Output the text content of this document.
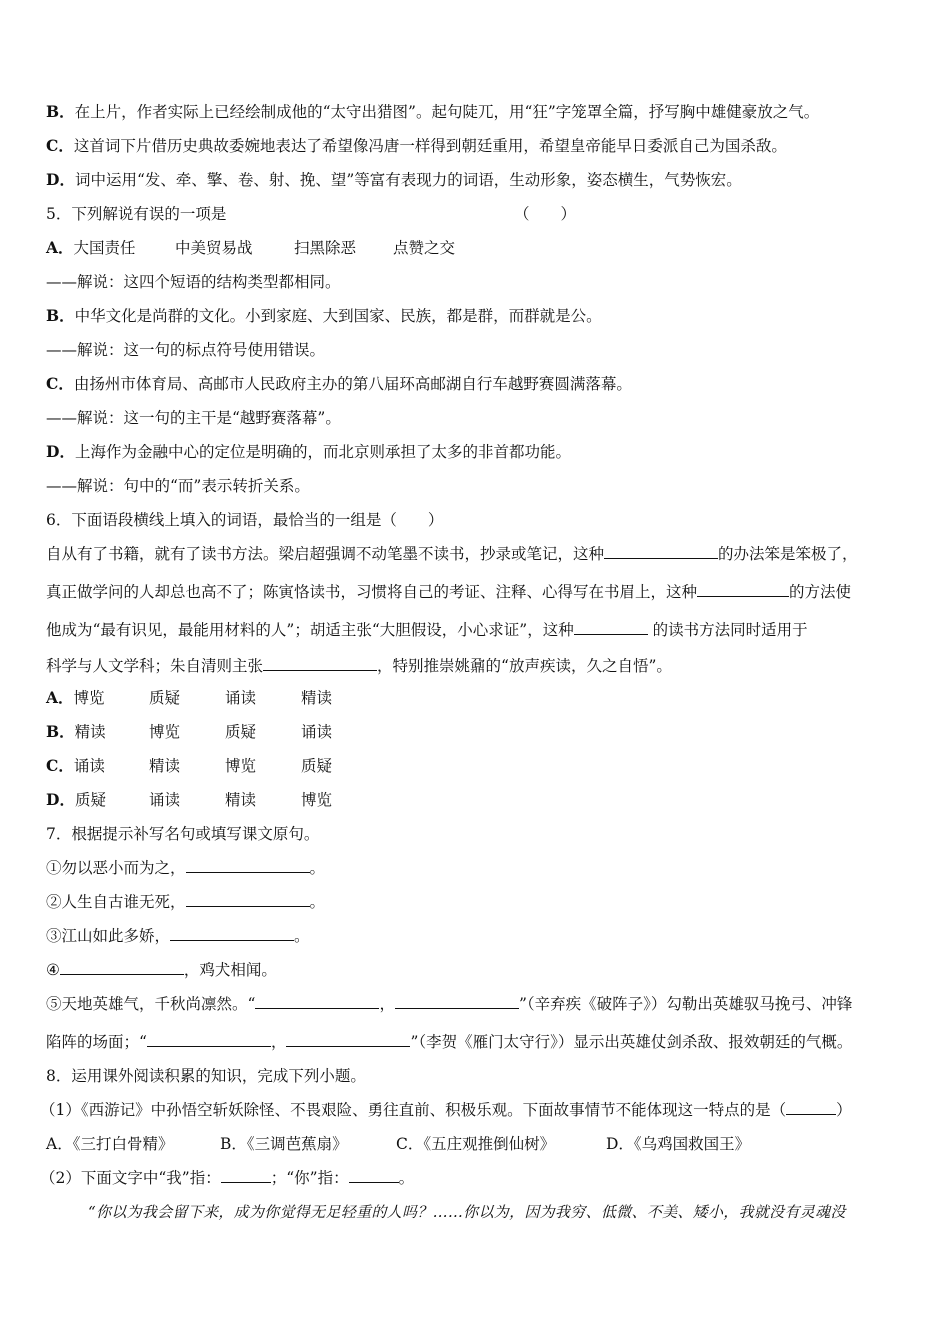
B．在上片，作者实际上已经绘制成他的“太守出猎图”。起句陡兀，用“狂”字笼罩全篇，抒写胸中雄健豪放之气。
C．这首词下片借历史典故委婉地表达了希望像冯唐一样得到朝廷重用，希望皇帝能早日委派自己为国杀敌。
D．词中运用“发、牵、擎、卷、射、挽、望”等富有表现力的词语，生动形象，姿态横生，气势恢宏。
5．下列解说有误的一项是	（　　）
A．大国责任	中美贸易战	扫黑除恶 点赞之交
——解说：这四个短语的结构类型都相同。
B．中华文化是尚群的文化。小到家庭、大到国家、民族，都是群，而群就是公。
——解说：这一句的标点符号使用错误。
C．由扬州市体育局、高邮市人民政府主办的第八届环高邮湖自行车越野赛圆满落幕。
——解说：这一句的主干是“越野赛落幕”。
D．上海作为金融中心的定位是明确的，而北京则承担了太多的非首都功能。
——解说：句中的“而”表示转折关系。
6．下面语段横线上填入的词语，最恰当的一组是（　　）
自从有了书籍，就有了读书方法。梁启超强调不动笔墨不读书，抄录或笔记，这种	的办法笨是笨极了，
真正做学问的人却总也高不了；陈寅恪读书，习惯将自己的考证、注释、心得写在书眉上，这种	的方法使
他成为“最有识见，最能用材料的人”；胡适主张“大胆假设，小心求证”，这种	的读书方法同时适用于
科学与人文学科；朱自清则主张	，特别推崇姚鼐的“放声疾读，久之自悟”。
A．博览	质疑	诵读	精读
B．精读	博览	质疑	诵读
C．诵读	精读	博览	质疑
D．质疑	诵读	精读	博览
7．根据提示补写名句或填写课文原句。
①勿以恶小而为之，	。
②人生自古谁无死，	。
③江山如此多娇，	。
④	，鸡犬相闻。
⑤天地英雄气，千秋尚凛然。“	，	”（辛弃疾《破阵子》）勾勒出英雄驭马挽弓、冲锋
陷阵的场面；“	，	”（李贺《雁门太守行》）显示出英雄仗剑杀敌、报效朝廷的气概。
8．运用课外阅读积累的知识，完成下列小题。
（1）《西游记》中孙悟空斩妖除怪、不畏艰险、勇往直前、积极乐观。下面故事情节不能体现这一特点的是（	）
A．《三打白骨精》	B．《三调芭蕉扇》	C．《五庄观推倒仙树》	D．《乌鸡国救国王》
（2）下面文字中“我”指：	；“你”指：	。
“你以为我会留下来，成为你觉得无足轻重的人吗？……你以为，因为我穷、低微、不美、矮小，我就没有灵魂没
